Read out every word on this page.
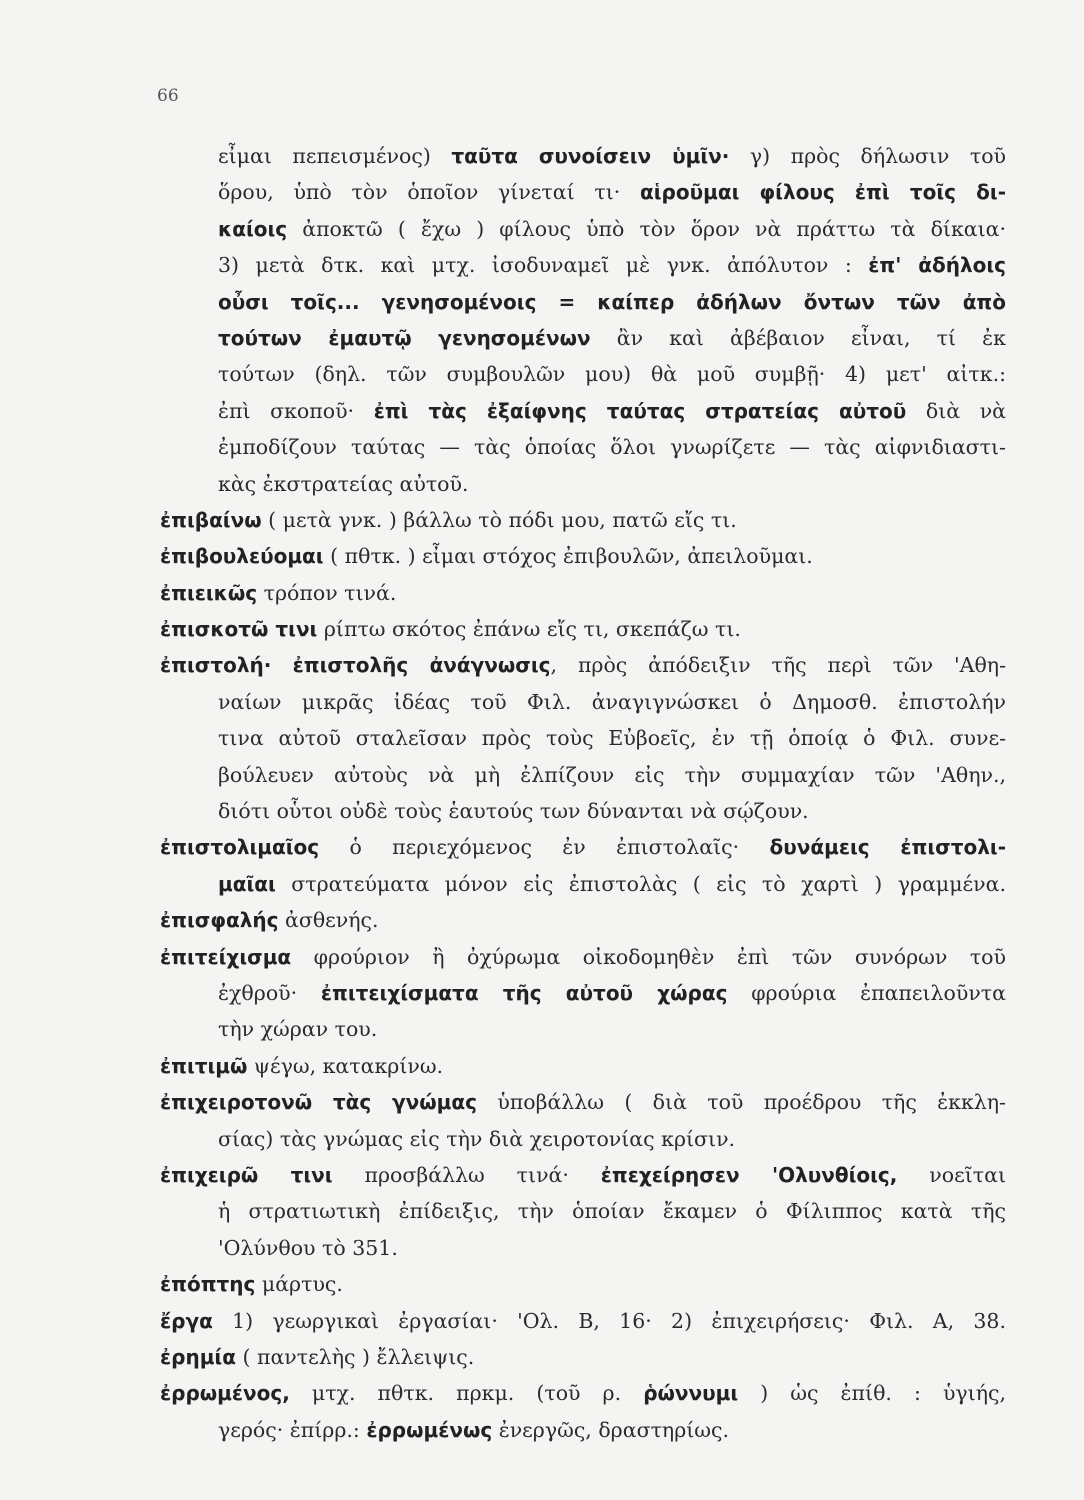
66
εἶμαι πεπεισμένος) ταῦτα συνοίσειν ὑμῖν· γ) πρὸς δήλωσιν τοῦ
ὅρου, ὑπὸ τὸν ὁποῖον γίνεταί τι· αἱροῦμαι φίλους ἐπὶ τοῖς δι-
καίοις ἀποκτῶ ( ἔχω ) φίλους ὑπὸ τὸν ὅρον νὰ πράττω τὰ δίκαια·
3) μετὰ δτκ. καὶ μτχ. ἰσοδυναμεῖ μὲ γνκ. ἀπόλυτον : ἐπ' ἀδήλοις
οὖσι τοῖς... γενησομένοις = καίπερ ἀδήλων ὄντων τῶν ἀπὸ
τούτων ἐμαυτῷ γενησομένων ἂν καὶ ἀβέβαιον εἶναι, τί ἐκ
τούτων (δηλ. τῶν συμβουλῶν μου) θὰ μοῦ συμβῇ· 4) μετ' αἰτκ.:
ἐπὶ σκοποῦ· ἐπὶ τὰς ἐξαίφνης ταύτας στρατείας αὐτοῦ διὰ νὰ
ἐμποδίζουν ταύτας — τὰς ὁποίας ὅλοι γνωρίζετε — τὰς αἰφνιδιαστι-
κὰς ἐκστρατείας αὐτοῦ.
ἐπιβαίνω ( μετὰ γνκ. ) βάλλω τὸ πόδι μου, πατῶ εἴς τι.
ἐπιβουλεύομαι ( πθτκ. ) εἶμαι στόχος ἐπιβουλῶν, ἀπειλοῦμαι.
ἐπιεικῶς τρόπον τινά.
ἐπισκοτῶ τινι ρίπτω σκότος ἐπάνω εἴς τι, σκεπάζω τι.
ἐπιστολή· ἐπιστολῆς ἀνάγνωσις, πρὸς ἀπόδειξιν τῆς περὶ τῶν 'Αθη-
ναίων μικρᾶς ἰδέας τοῦ Φιλ. ἀναγιγνώσκει ὁ Δημοσθ. ἐπιστολήν
τινα αὐτοῦ σταλεῖσαν πρὸς τοὺς Εὐβοεῖς, ἐν τῇ ὁποίᾳ ὁ Φιλ. συνε-
βούλευεν αὐτοὺς νὰ μὴ ἐλπίζουν εἰς τὴν συμμαχίαν τῶν 'Αθην.,
διότι οὗτοι οὐδὲ τοὺς ἑαυτούς των δύνανται νὰ σῴζουν.
ἐπιστολιμαῖος ὁ περιεχόμενος ἐν ἐπιστολαῖς· δυνάμεις ἐπιστολι-
μαῖαι στρατεύματα μόνον εἰς ἐπιστολὰς ( εἰς τὸ χαρτὶ ) γραμμένα.
ἐπισφαλής ἀσθενής.
ἐπιτείχισμα φρούριον ἢ ὀχύρωμα οἰκοδομηθὲν ἐπὶ τῶν συνόρων τοῦ
ἐχθροῦ· ἐπιτειχίσματα τῆς αὐτοῦ χώρας φρούρια ἐπαπειλοῦντα
τὴν χώραν του.
ἐπιτιμῶ ψέγω, κατακρίνω.
ἐπιχειροτονῶ τὰς γνώμας ὑποβάλλω ( διὰ τοῦ προέδρου τῆς ἐκκλη-
σίας) τὰς γνώμας εἰς τὴν διὰ χειροτονίας κρίσιν.
ἐπιχειρῶ τινι προσβάλλω τινά· ἐπεχείρησεν 'Ολυνθίοις, νοεῖται
ἡ στρατιωτικὴ ἐπίδειξις, τὴν ὁποίαν ἔκαμεν ὁ Φίλιππος κατὰ τῆς
'Ολύνθου τὸ 351.
ἐπόπτης μάρτυς.
ἔργα 1) γεωργικαὶ ἐργασίαι· 'Ολ. Β, 16· 2) ἐπιχειρήσεις· Φιλ. Α, 38.
ἐρημία ( παντελὴς ) ἔλλειψις.
ἐρρωμένος, μτχ. πθτκ. πρκμ. (τοῦ ρ. ῥώννυμι ) ὡς ἐπίθ. : ὑγιής,
γερός· ἐπίρρ.: ἐρρωμένως ἐνεργῶς, δραστηρίως.
